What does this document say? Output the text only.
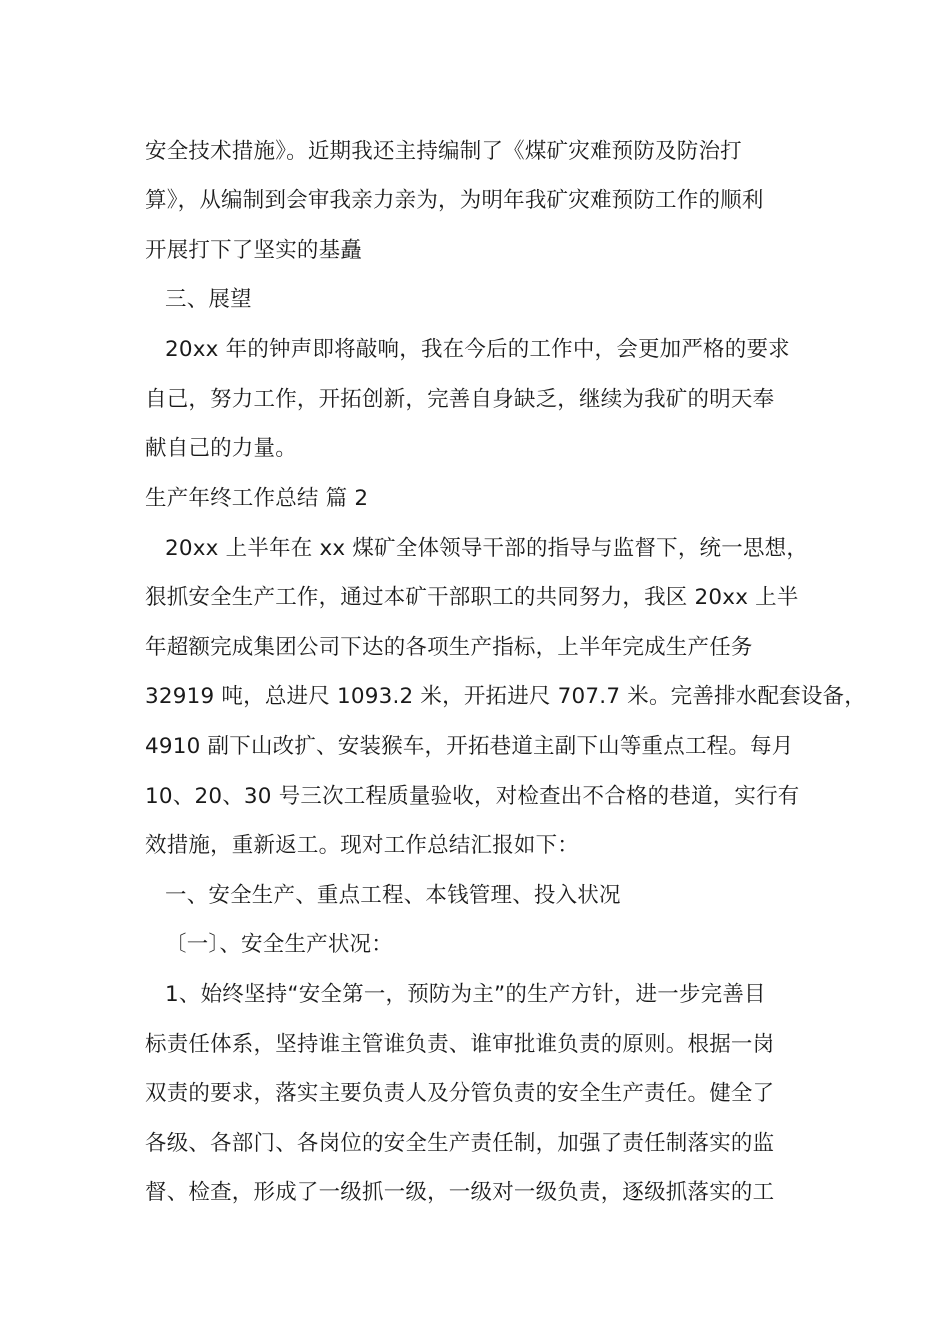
安全技术措施》。近期我还主持编制了《煤矿灾难预防及防治打
算》，从编制到会审我亲力亲为，为明年我矿灾难预防工作的顺利
开展打下了坚实的基矗
三、展望
20xx 年的钟声即将敲响，我在今后的工作中，会更加严格的要求
自己，努力工作，开拓创新，完善自身缺乏，继续为我矿的明天奉
献自己的力量。
生产年终工作总结 篇 2
20xx 上半年在 xx 煤矿全体领导干部的指导与监督下，统一思想，
狠抓安全生产工作，通过本矿干部职工的共同努力，我区 20xx 上半
年超额完成集团公司下达的各项生产指标，上半年完成生产任务
32919 吨，总进尺 1093.2 米，开拓进尺 707.7 米。完善排水配套设备，
4910 副下山改扩、安装猴车，开拓巷道主副下山等重点工程。每月
10、20、30 号三次工程质量验收，对检查出不合格的巷道，实行有
效措施，重新返工。现对工作总结汇报如下：
一、安全生产、重点工程、本钱管理、投入状况
〔一〕、安全生产状况：
1、始终坚持“安全第一，预防为主”的生产方针，进一步完善目
标责任体系，坚持谁主管谁负责、谁审批谁负责的原则。根据一岗
双责的要求，落实主要负责人及分管负责的安全生产责任。健全了
各级、各部门、各岗位的安全生产责任制，加强了责任制落实的监
督、检查，形成了一级抓一级，一级对一级负责，逐级抓落实的工
